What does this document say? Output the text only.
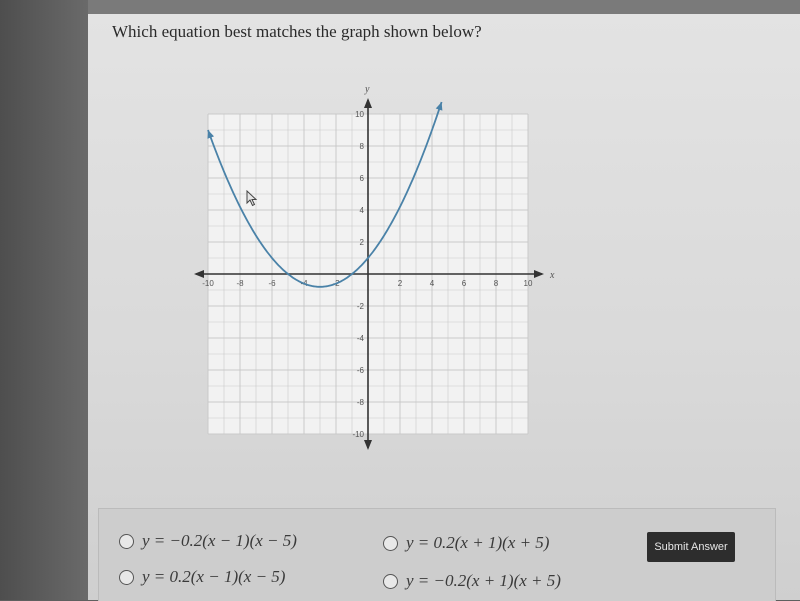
Which equation best matches the graph shown below?
x
y
-10	-8	-6	-4	-2	2	4	6	8	10
10
8
6
4
2
-2
-4
-6
-8
-10
y = −0.2(x − 1)(x − 5)	y = 0.2(x + 1)(x + 5)
y = 0.2(x − 1)(x − 5)	y = −0.2(x + 1)(x + 5)
Submit Answer
